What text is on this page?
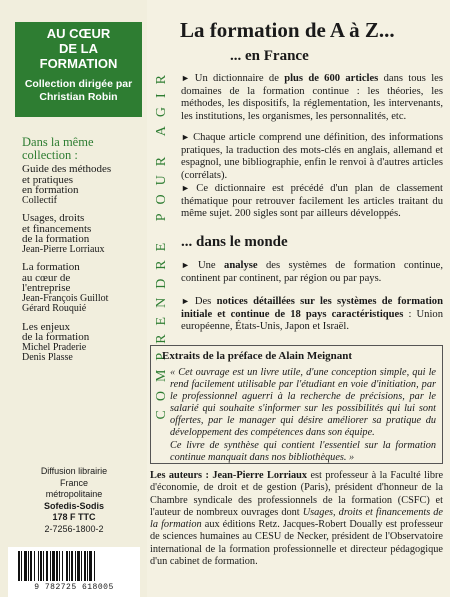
AU CŒUR
DE LA
FORMATION
Collection dirigée par
Christian Robin
Dans la même
collection :
Guide des méthodes
et pratiques
en formation
Collectif
Usages, droits
et financements
de la formation
Jean-Pierre Lorriaux
La formation
au cœur de
l'entreprise
Jean-François Guillot
Gérard Rouquié
Les enjeux
de la formation
Michel Praderie
Denis Plasse
Diffusion librairie
France
métropolitaine
Sofedis-Sodis
178 F TTC
2-7256-1800-2
9 782725 618005
COMPRENDRE POUR AGIR
La formation de A à Z...
... en France
► Un dictionnaire de plus de 600 articles dans tous les domaines de la formation continue : les théories, les méthodes, les dispositifs, la réglementation, les intervenants, les institutions, les organismes, les personnalités, etc.
► Chaque article comprend une définition, des informations pratiques, la traduction des mots-clés en anglais, allemand et espagnol, une bibliographie, enfin le renvoi à d'autres articles (corrélats).
► Ce dictionnaire est précédé d'un plan de classement thématique pour retrouver facilement les articles traitant du même sujet. 200 sigles sont par ailleurs développés.
... dans le monde
► Une analyse des systèmes de formation continue, continent par continent, par région ou par pays.
► Des notices détaillées sur les systèmes de formation initiale et continue de 18 pays caractéristiques : Union européenne, États-Unis, Japon et Israël.
Extraits de la préface de Alain Meignant
« Cet ouvrage est un livre utile, d'une conception simple, qui le rend facilement utilisable par l'étudiant en voie d'initiation, par le professionnel aguerri à la recherche de précisions, par le salarié qui souhaite s'informer sur les possibilités qui lui sont offertes, par le manager qui désire améliorer sa pratique du développement des compétences dans son équipe.
Ce livre de synthèse qui contient l'essentiel sur la formation continue manquait dans nos bibliothèques. »
Les auteurs : Jean-Pierre Lorriaux est professeur à la Faculté libre d'économie, de droit et de gestion (Paris), président d'honneur de la Chambre syndicale des professionnels de la formation (CSFC) et l'auteur de nombreux ouvrages dont Usages, droits et financements de la formation aux éditions Retz. Jacques-Robert Doually est professeur de sciences humaines au CESU de Necker, président de l'Observatoire international de la formation professionnelle et directeur pédagogique d'un cabinet de formation.
